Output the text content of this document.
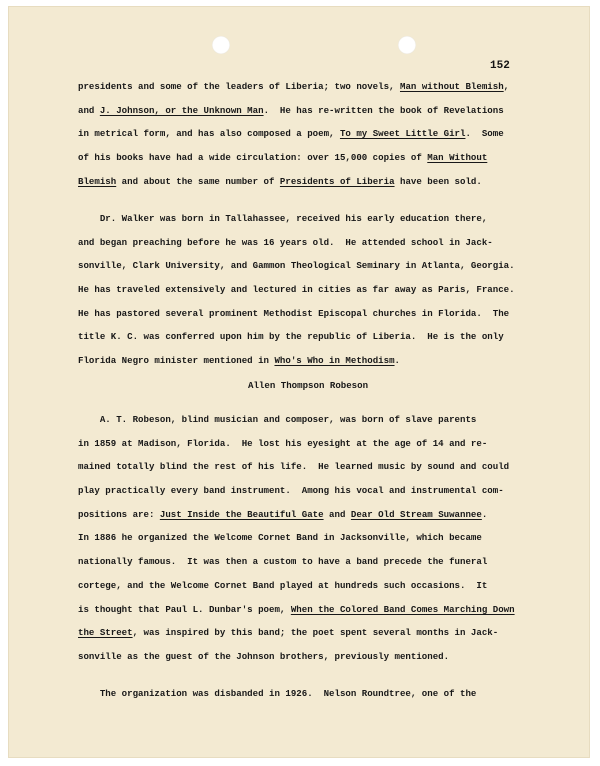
152
presidents and some of the leaders of Liberia; two novels, Man without Blemish,
and J. Johnson, or the Unknown Man.  He has re-written the book of Revelations
in metrical form, and has also composed a poem, To my Sweet Little Girl.  Some
of his books have had a wide circulation: over 15,000 copies of Man Without
Blemish and about the same number of Presidents of Liberia have been sold.
Dr. Walker was born in Tallahassee, received his early education there,
and began preaching before he was 16 years old.  He attended school in Jack-
sonville, Clark University, and Gammon Theological Seminary in Atlanta, Georgia.
He has traveled extensively and lectured in cities as far away as Paris, France.
He has pastored several prominent Methodist Episcopal churches in Florida.  The
title K. C. was conferred upon him by the republic of Liberia.  He is the only
Florida Negro minister mentioned in Who's Who in Methodism.
Allen Thompson Robeson
A. T. Robeson, blind musician and composer, was born of slave parents
in 1859 at Madison, Florida.  He lost his eyesight at the age of 14 and re-
mained totally blind the rest of his life.  He learned music by sound and could
play practically every band instrument.  Among his vocal and instrumental com-
positions are: Just Inside the Beautiful Gate and Dear Old Stream Suwannee.
In 1886 he organized the Welcome Cornet Band in Jacksonville, which became
nationally famous.  It was then a custom to have a band precede the funeral
cortege, and the Welcome Cornet Band played at hundreds such occasions.  It
is thought that Paul L. Dunbar's poem, When the Colored Band Comes Marching Down
the Street, was inspired by this band; the poet spent several months in Jack-
sonville as the guest of the Johnson brothers, previously mentioned.
The organization was disbanded in 1926.  Nelson Roundtree, one of the
